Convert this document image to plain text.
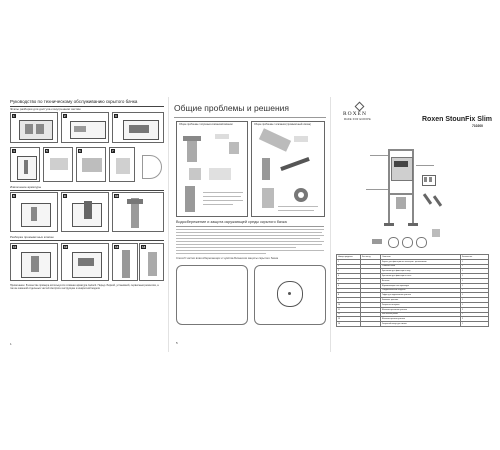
Руководство по техническому обслуживанию скрытого бачка
Этапы разборки для доступа к внутренним частям
1	2	3
4	5	6	7
Извлечение арматуры
8	9	10
Разборка промывочных клапан
11	12	13	14
Примечание: В качестве примера используется сливная арматура Geberit. Перед сборкой, установкой, сервисным ремонтом, а так же заменой отдельных частей смотрите инструкцию к конкретной модели
1
Общие проблемы и решения
Общие проблемы с впускным клапаном/клапаном	Общие проблемы с клапаном (промывочный клапан)
Водосбережение и защита окружающей среды скрытого бачка
Способ чистки влагосберегающих и чувства Бизнесом защиты скрытого бачка
5
ROXEN
MADE FOR EUROPE	Roxen StounFix Slim
710200
Номер предмета	Кол-во ед.	Описание	Количество
1		Каркас для фиксации инсталляции с креплениями	1
2		Сливной бачок	1
3		Крепление для фиксации к полу	1
4		Крепление для фиксации к стене	1
5		Вентиль	1
6		Шумоизоляционная прокладка	1
7		Соединительный патрубок	1
8		Гофра для подключения унитаза	1
9		Комплект крепежа	1
10		Защитная заглушка	1
11		Шпилька крепления унитаза	2
12		Монтажная рамка	1
13		Шпилька крепежа унитаза	2
14		Защитный кожух для смыва	1
